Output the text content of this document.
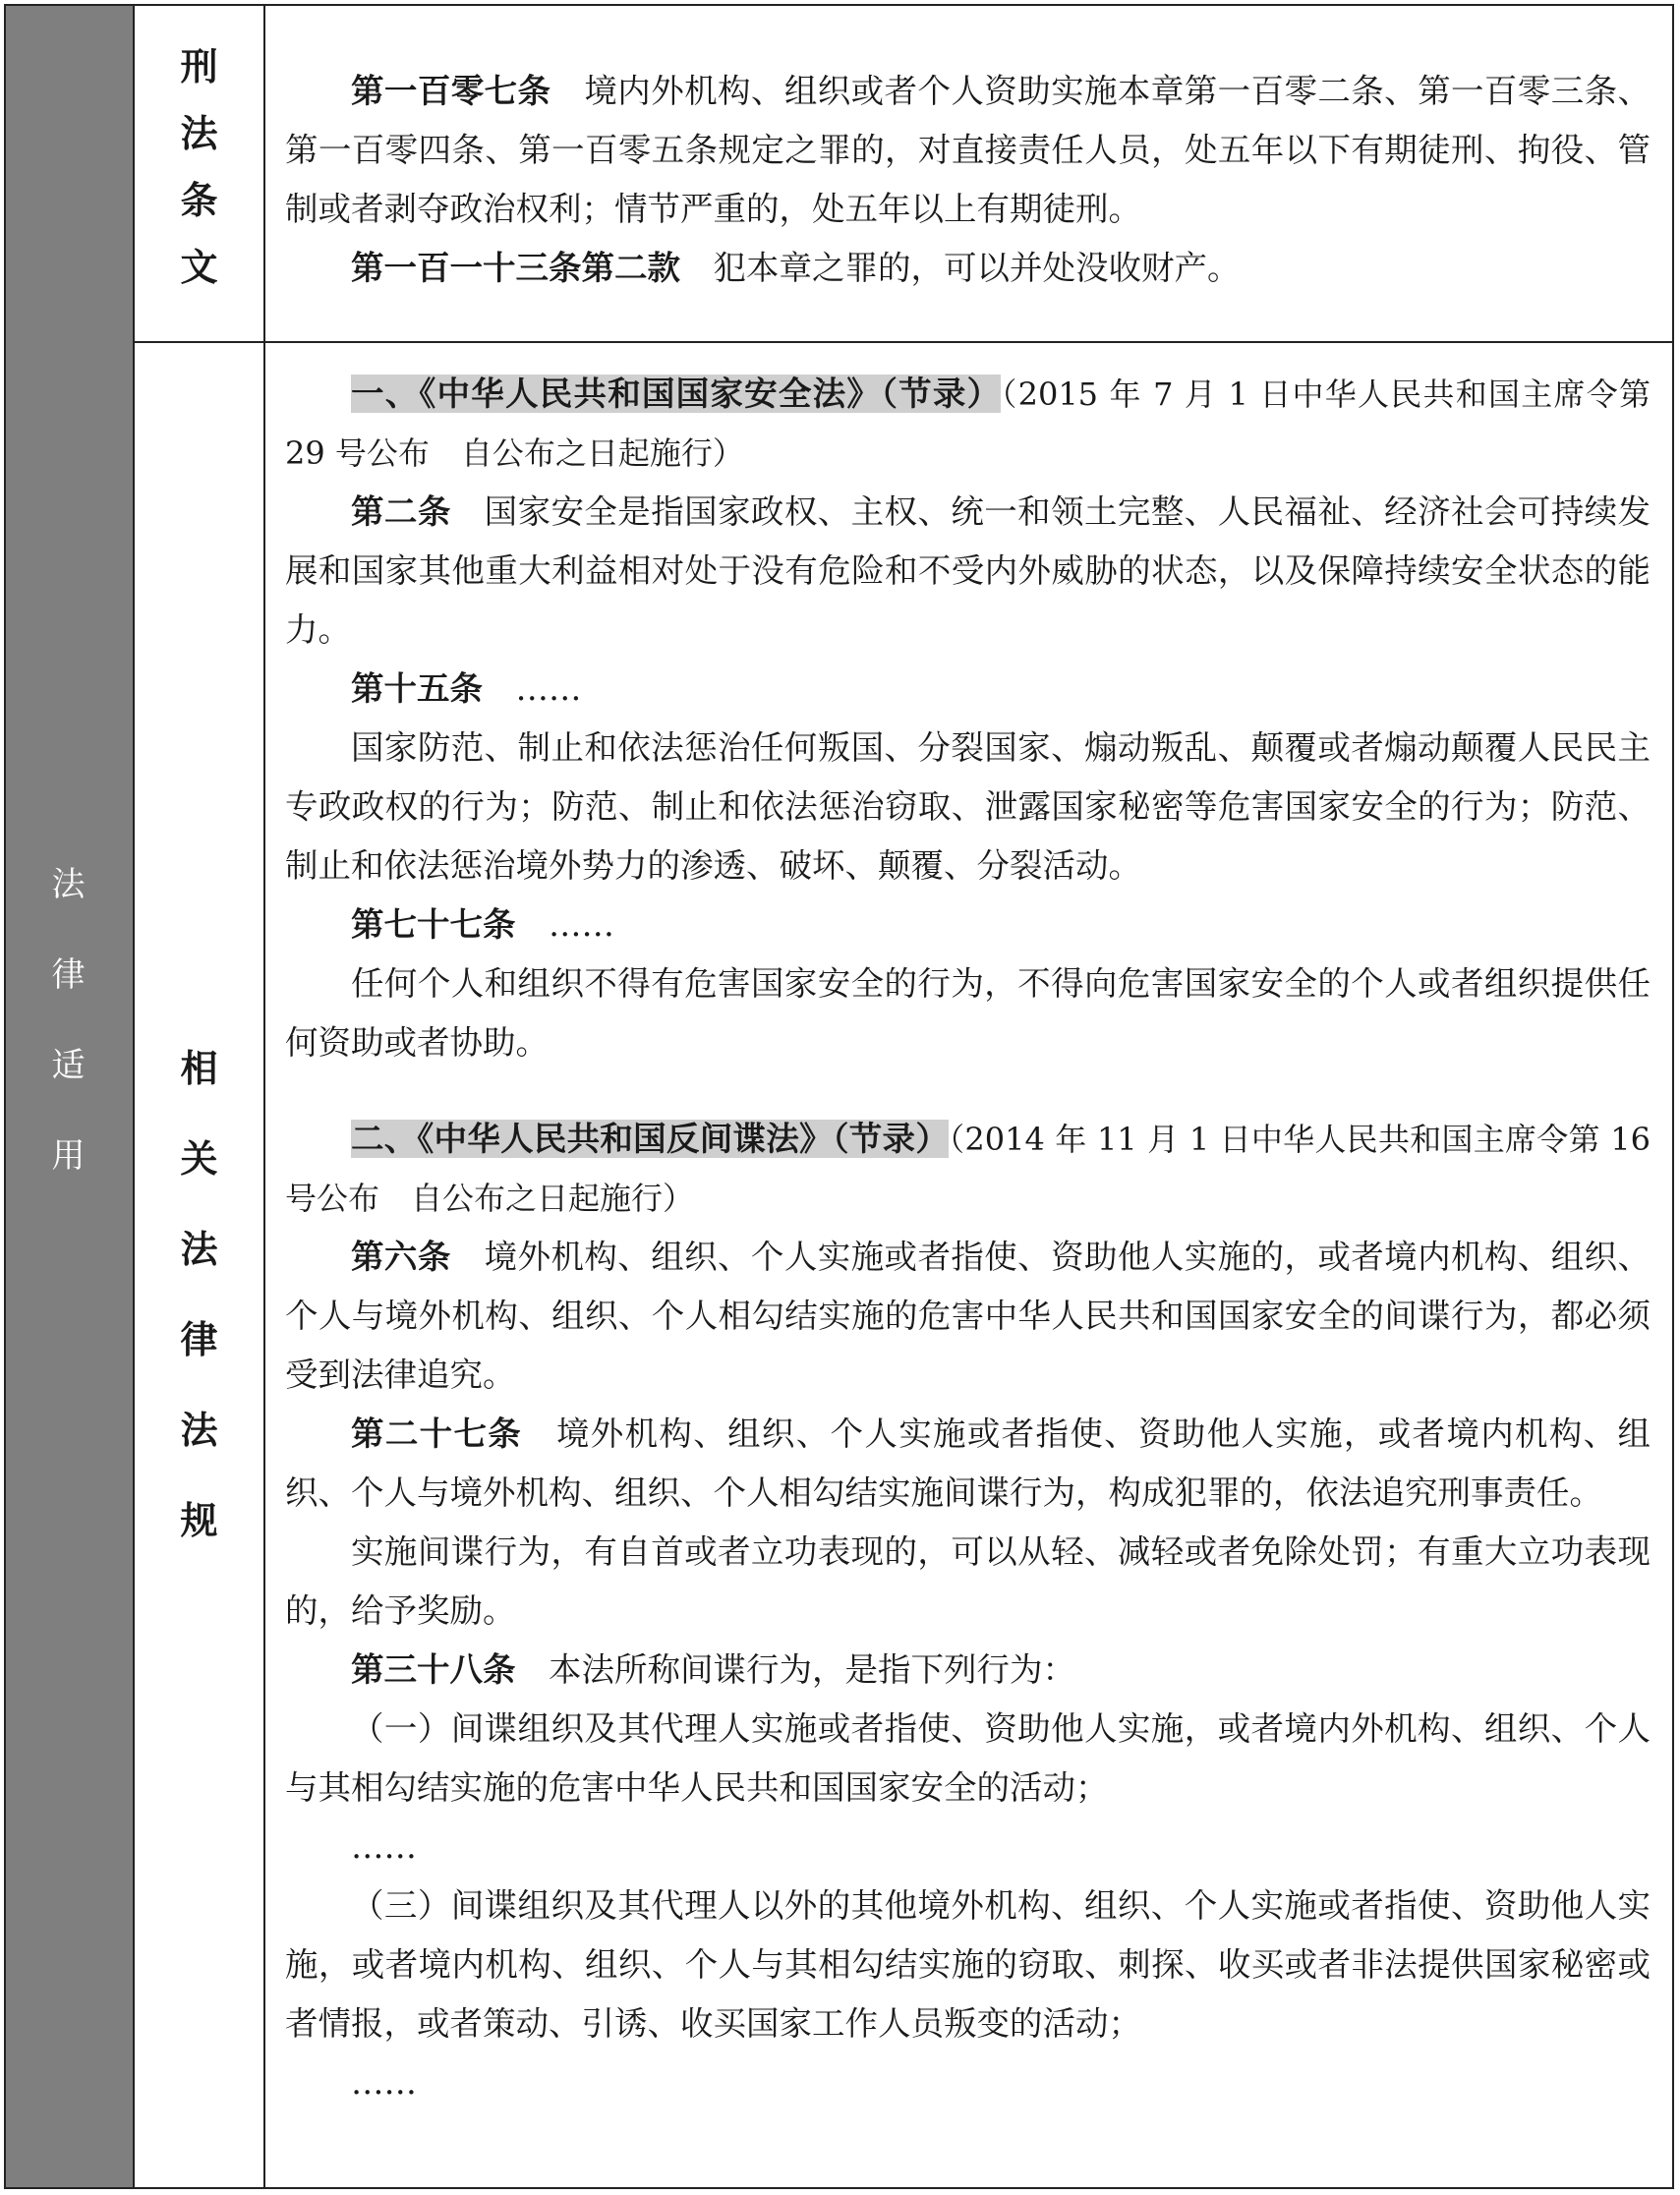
法
律
适
用
刑
法
条
文
相
关
法
律
法
规

第一百零七条　 境内外机构、组织或者个人资助实施本章第一百零二条、第一百零三条、第一百零四条、第一百零五条规定之罪的，对直接责任人员，处五年以下有期徒刑、拘役、管制或者剥夺政治权利；情节严重的，处五年以上有期徒刑。

第一百一十三条第二款　 犯本章之罪的，可以并处没收财产。

一、《中华人民共和国国家安全法》（节录）（2015 年 7 月 1 日中华人民共和国主席令第 29 号公布　自公布之日起施行）

第二条　 国家安全是指国家政权、主权、统一和领土完整、人民福祉、经济社会可持续发展和国家其他重大利益相对处于没有危险和不受内外威胁的状态，以及保障持续安全状态的能力。

第十五条　 ……

国家防范、制止和依法惩治任何叛国、分裂国家、煽动叛乱、颠覆或者煽动颠覆人民民主专政政权的行为；防范、制止和依法惩治窃取、泄露国家秘密等危害国家安全的行为；防范、制止和依法惩治境外势力的渗透、破坏、颠覆、分裂活动。

第七十七条　 ……

任何个人和组织不得有危害国家安全的行为，不得向危害国家安全的个人或者组织提供任何资助或者协助。

二、《中华人民共和国反间谍法》（节录）（2014 年 11 月 1 日中华人民共和国主席令第 16 号公布　自公布之日起施行）

第六条　 境外机构、组织、个人实施或者指使、资助他人实施的，或者境内机构、组织、个人与境外机构、组织、个人相勾结实施的危害中华人民共和国国家安全的间谍行为，都必须受到法律追究。

第二十七条　 境外机构、组织、个人实施或者指使、资助他人实施，或者境内机构、组织、个人与境外机构、组织、个人相勾结实施间谍行为，构成犯罪的，依法追究刑事责任。

实施间谍行为，有自首或者立功表现的，可以从轻、减轻或者免除处罚；有重大立功表现的，给予奖励。

第三十八条　 本法所称间谍行为，是指下列行为：

（一）间谍组织及其代理人实施或者指使、资助他人实施，或者境内外机构、组织、个人与其相勾结实施的危害中华人民共和国国家安全的活动；

……

（三）间谍组织及其代理人以外的其他境外机构、组织、个人实施或者指使、资助他人实施，或者境内机构、组织、个人与其相勾结实施的窃取、刺探、收买或者非法提供国家秘密或者情报，或者策动、引诱、收买国家工作人员叛变的活动；

……
